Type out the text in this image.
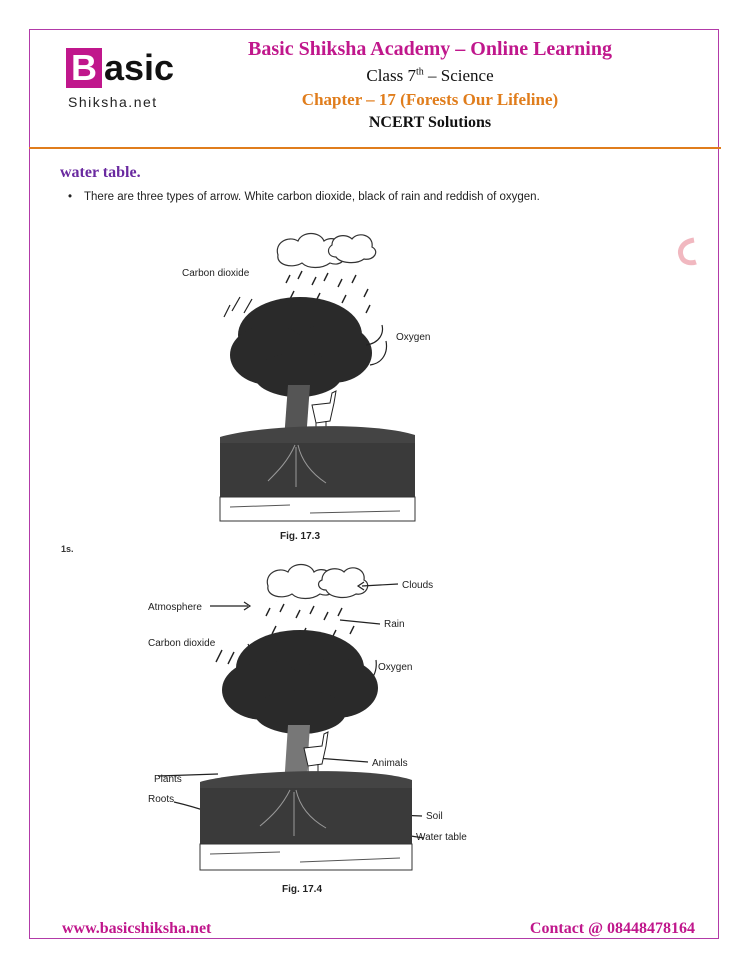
B asic
Shiksha.net
Basic Shiksha Academy – Online Learning
Class 7th – Science
Chapter – 17 (Forests Our Lifeline)
NCERT Solutions
water table.
• There are three types of arrow. White carbon dioxide, black of rain and reddish of oxygen.
Carbon dioxide
Oxygen
Fig. 17.3
1s.
Clouds
Atmosphere
Rain
Carbon dioxide
Oxygen
Animals
Plants
Roots
Soil
Water table
Fig. 17.4
www.basicshiksha.net	Contact @ 08448478164
